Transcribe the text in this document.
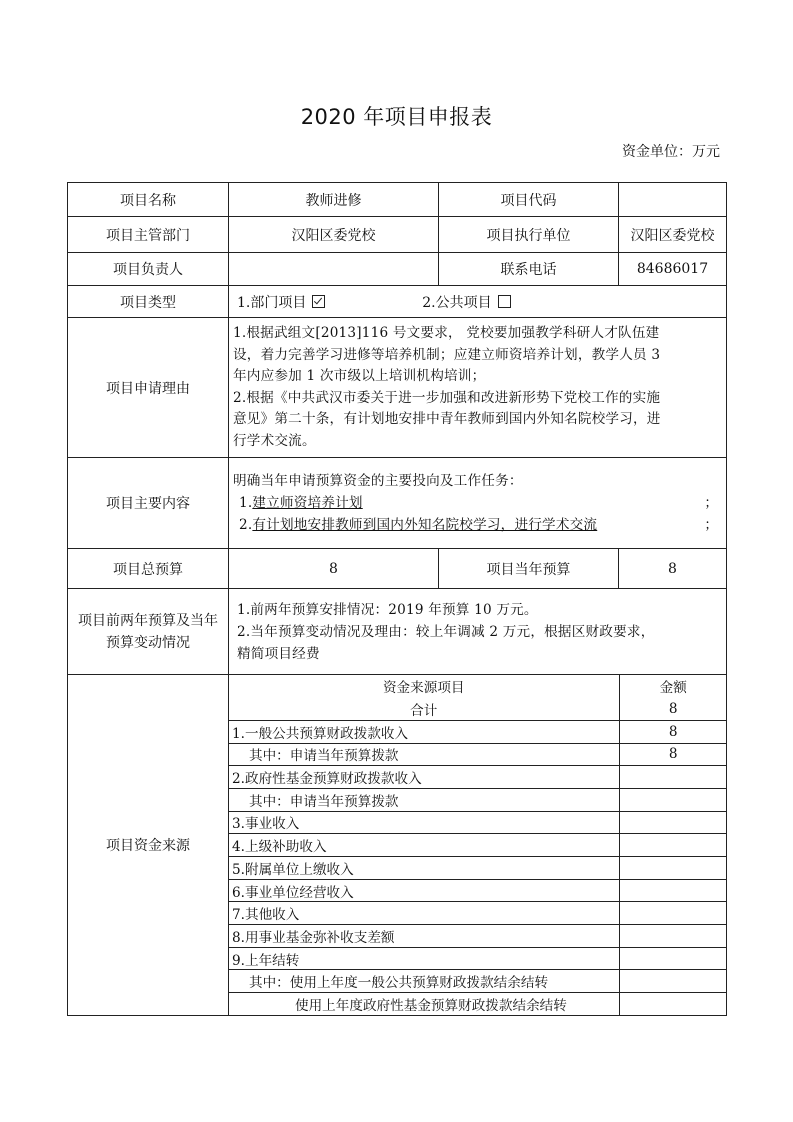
2020 年项目申报表
资金单位：万元
项目名称	教师进修	项目代码	
项目主管部门	汉阳区委党校	项目执行单位	汉阳区委党校
项目负责人		联系电话	84686017
项目类型	1.部门项目	2.公共项目
项目申请理由	
1.根据武组文[2013]116 号文要求， 党校要加强教学科研人才队伍建
设，着力完善学习进修等培养机制；应建立师资培养计划，教学人员 3
年内应参加 1 次市级以上培训机构培训；
2.根据《中共武汉市委关于进一步加强和改进新形势下党校工作的实施
意见》第二十条，有计划地安排中青年教师到国内外知名院校学习，进
行学术交流。

项目主要内容	
明确当年申请预算资金的主要投向及工作任务：
1.建立师资培养计划	；
2.有计划地安排教师到国内外知名院校学习，进行学术交流	；

项目总预算	8	项目当年预算	8
项目前两年预算及当年预算变动情况	
1.前两年预算安排情况：2019 年预算 10 万元。
2.当年预算变动情况及理由：较上年调减 2 万元，根据区财政要求，
精简项目经费

项目资金来源	
资金来源项目	金额
合计	8
1.一般公共预算财政拨款收入	8
其中：申请当年预算拨款	8
2.政府性基金预算财政拨款收入	
其中：申请当年预算拨款	
3.事业收入	
4.上级补助收入	
5.附属单位上缴收入	
6.事业单位经营收入	
7.其他收入	
8.用事业基金弥补收支差额	
9.上年结转	
其中：使用上年度一般公共预算财政拨款结余结转	
使用上年度政府性基金预算财政拨款结余结转	
